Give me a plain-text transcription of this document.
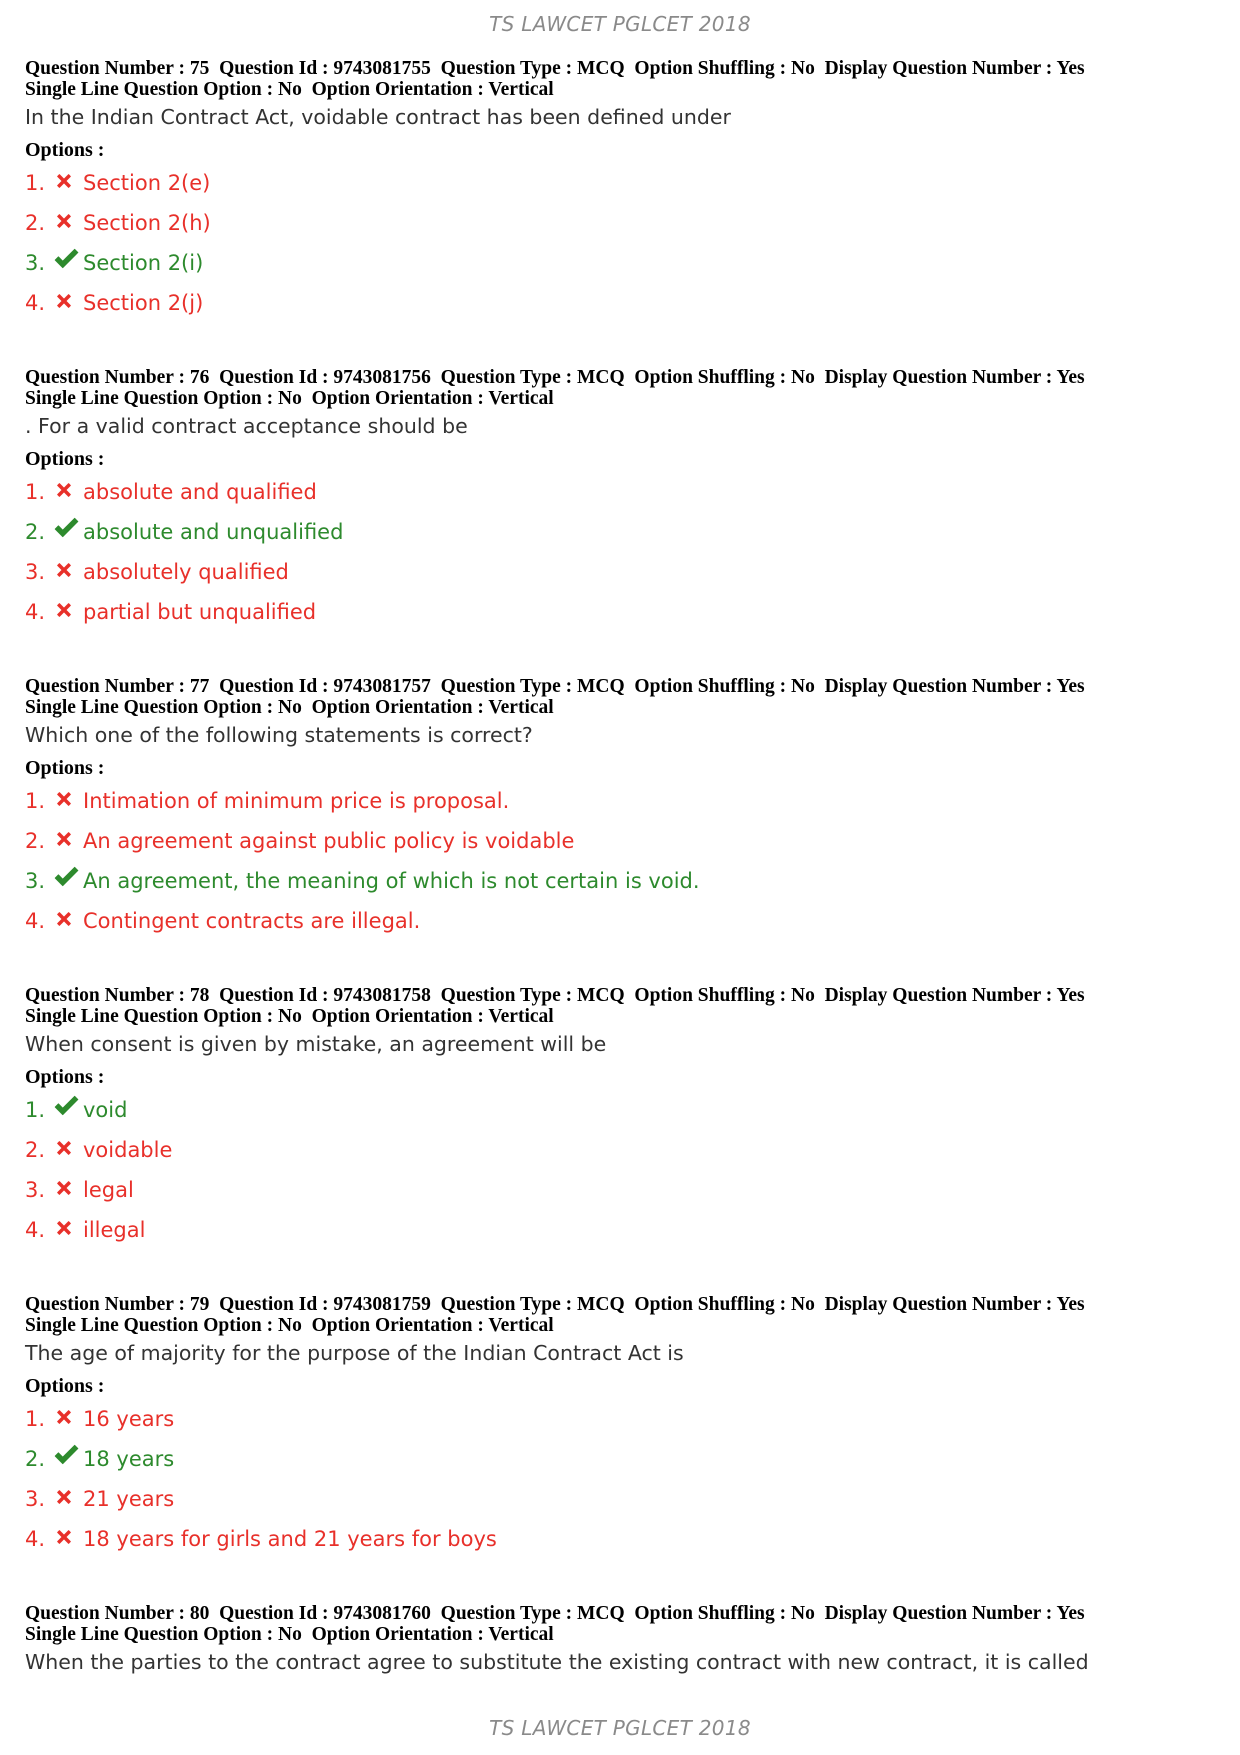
TS LAWCET PGLCET 2018
Question Number : 75  Question Id : 9743081755  Question Type : MCQ  Option Shuffling : No  Display Question Number : Yes
Single Line Question Option : No  Option Orientation : Vertical
In the Indian Contract Act, voidable contract has been defined under
Options :
1. Section 2(e)
2. Section 2(h)
3. Section 2(i)
4. Section 2(j)
Question Number : 76  Question Id : 9743081756  Question Type : MCQ  Option Shuffling : No  Display Question Number : Yes
Single Line Question Option : No  Option Orientation : Vertical
. For a valid contract acceptance should be
Options :
1. absolute and qualified
2. absolute and unqualified
3. absolutely qualified
4. partial but unqualified
Question Number : 77  Question Id : 9743081757  Question Type : MCQ  Option Shuffling : No  Display Question Number : Yes
Single Line Question Option : No  Option Orientation : Vertical
Which one of the following statements is correct?
Options :
1. Intimation of minimum price is proposal.
2. An agreement against public policy is voidable
3. An agreement, the meaning of which is not certain is void.
4. Contingent contracts are illegal.
Question Number : 78  Question Id : 9743081758  Question Type : MCQ  Option Shuffling : No  Display Question Number : Yes
Single Line Question Option : No  Option Orientation : Vertical
When consent is given by mistake, an agreement will be
Options :
1. void
2. voidable
3. legal
4. illegal
Question Number : 79  Question Id : 9743081759  Question Type : MCQ  Option Shuffling : No  Display Question Number : Yes
Single Line Question Option : No  Option Orientation : Vertical
The age of majority for the purpose of the Indian Contract Act is
Options :
1. 16 years
2. 18 years
3. 21 years
4. 18 years for girls and 21 years for boys
Question Number : 80  Question Id : 9743081760  Question Type : MCQ  Option Shuffling : No  Display Question Number : Yes
Single Line Question Option : No  Option Orientation : Vertical
When the parties to the contract agree to substitute the existing contract with new contract, it is called
TS LAWCET PGLCET 2018
